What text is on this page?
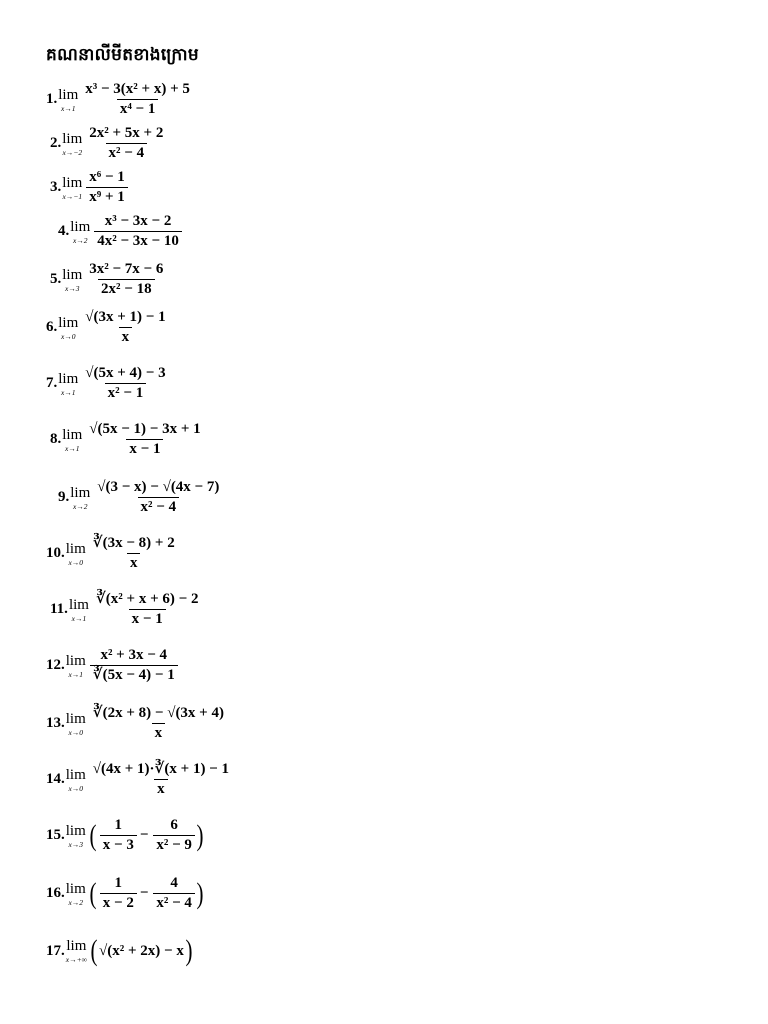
គណនាលីមីតខាងក្រោម
1. lim
$x\to 1 \frac{\text{x³ − 3(x² + x) + 5}}{\text{x⁴ − 1}}$
2. lim
$x\to-2 \frac{\text{2x² + 5x + 2}}{\text{x² − 4}}$
3. lim
$x\to-1 \frac{\text{x⁶ − 1}}{\text{x⁹ + 1}}$
4. lim
$x\to 2 \frac{\text{x³ − 3x − 2}}{\text{4x² − 3x − 10}}$
5. lim
$x\to 3 \frac{\text{3x² − 7x − 6}}{\text{2x² − 18}}$
6. lim
$x\to 0 \frac{√(3x + 1) - 1}{x}$
7. lim
$x\to 1 \frac{√(5x + 4) - 3}{\text{x² − 1}}$
8. lim
$x\to 1 \frac{√(5x - 1) - 3x + 1}{x - 1}$
9. lim
$x\to 2 \frac{√(3 - x) - √(4x - 7)}{\text{x² − 4}}$
10. lim
$x\to 0 \frac{∛(3x - 8) + 2}{x}$
11. lim
$x\to 1 \frac{\text{∛(x² + x + 6) − 2}}{x - 1}$
12. lim
$x\to 1 \frac{\text{x² + 3x − 4}}{∛(5x - 4) - 1}$
13. lim
$x\to 0 \frac{∛(2x + 8) - √(3x + 4)}{x}$
14. lim
$x\to 0 \frac{√(4x + 1)\cdot∛(x + 1) - 1}{x}$
15. lim
x→3 ( $\frac{1}{x - 3} - \frac{6}{\text{x² − 9}}$ )
16. lim
x→2 ( $\frac{1}{x - 2} - \frac{4}{\text{x² − 4}}$ )
17. lim
x→+∞ ( √(x² + 2x) − x )
